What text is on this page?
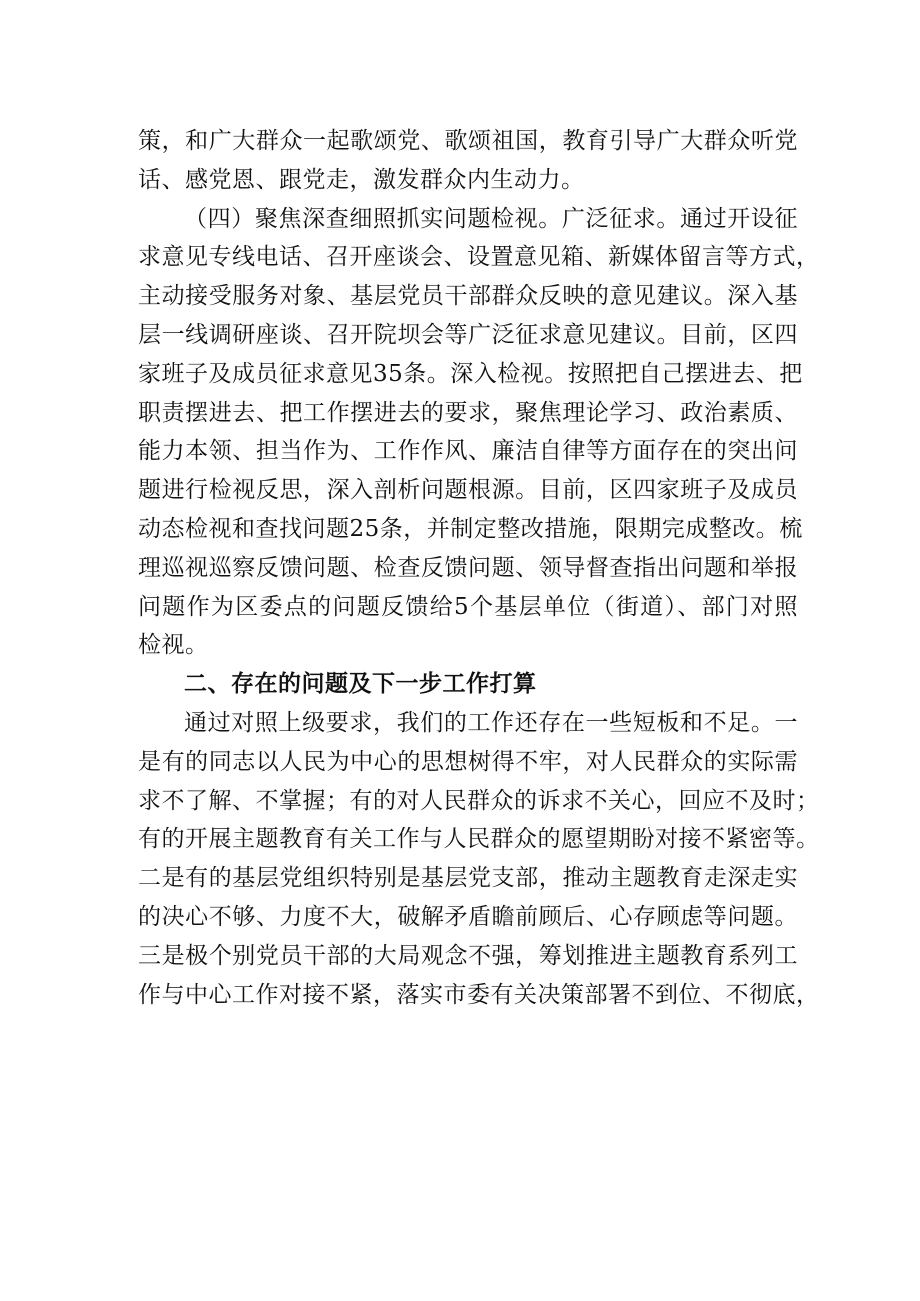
策，和广大群众一起歌颂党、歌颂祖国，教育引导广大群众听党
话、感党恩、跟党走，激发群众内生动力。
（四）聚焦深查细照抓实问题检视。广泛征求。通过开设征
求意见专线电话、召开座谈会、设置意见箱、新媒体留言等方式，
主动接受服务对象、基层党员干部群众反映的意见建议。深入基
层一线调研座谈、召开院坝会等广泛征求意见建议。目前，区四
家班子及成员征求意见35条。深入检视。按照把自己摆进去、把
职责摆进去、把工作摆进去的要求，聚焦理论学习、政治素质、
能力本领、担当作为、工作作风、廉洁自律等方面存在的突出问
题进行检视反思，深入剖析问题根源。目前，区四家班子及成员
动态检视和查找问题25条，并制定整改措施，限期完成整改。梳
理巡视巡察反馈问题、检查反馈问题、领导督查指出问题和举报
问题作为区委点的问题反馈给5个基层单位（街道）、部门对照
检视。
二、存在的问题及下一步工作打算
通过对照上级要求，我们的工作还存在一些短板和不足。一
是有的同志以人民为中心的思想树得不牢，对人民群众的实际需
求不了解、不掌握；有的对人民群众的诉求不关心，回应不及时；
有的开展主题教育有关工作与人民群众的愿望期盼对接不紧密等。
二是有的基层党组织特别是基层党支部，推动主题教育走深走实
的决心不够、力度不大，破解矛盾瞻前顾后、心存顾虑等问题。
三是极个别党员干部的大局观念不强，筹划推进主题教育系列工
作与中心工作对接不紧，落实市委有关决策部署不到位、不彻底，
